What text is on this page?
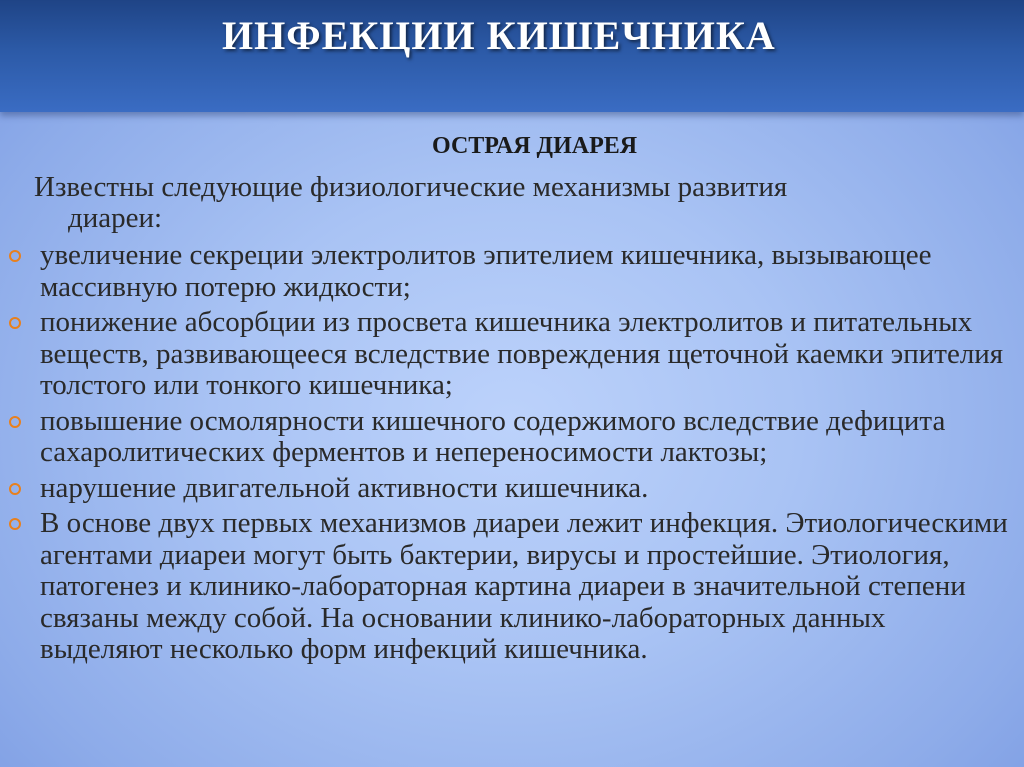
ИНФЕКЦИИ КИШЕЧНИКА
ОСТРАЯ ДИАРЕЯ

Известны следующие физиологические механизмы развития
диареи:

увеличение секреции электролитов эпителием кишечника, вызывающее массивную потерю жидкости;
понижение абсорбции из просвета кишечника электролитов и питательных веществ, развивающееся вследствие повреждения щеточной каемки эпителия толстого или тонкого кишечника;
повышение осмолярности кишечного содержимого вследствие дефицита сахаролитических ферментов и непереносимости лактозы;
нарушение двигательной активности кишечника.
В основе двух первых механизмов диареи лежит инфекция. Этиологическими агентами диареи могут быть бактерии, вирусы и простейшие. Этиология, патогенез и клинико-лабораторная картина диареи в значительной степени связаны между собой. На основании клинико-лабораторных данных выделяют несколько форм инфекций кишечника.
